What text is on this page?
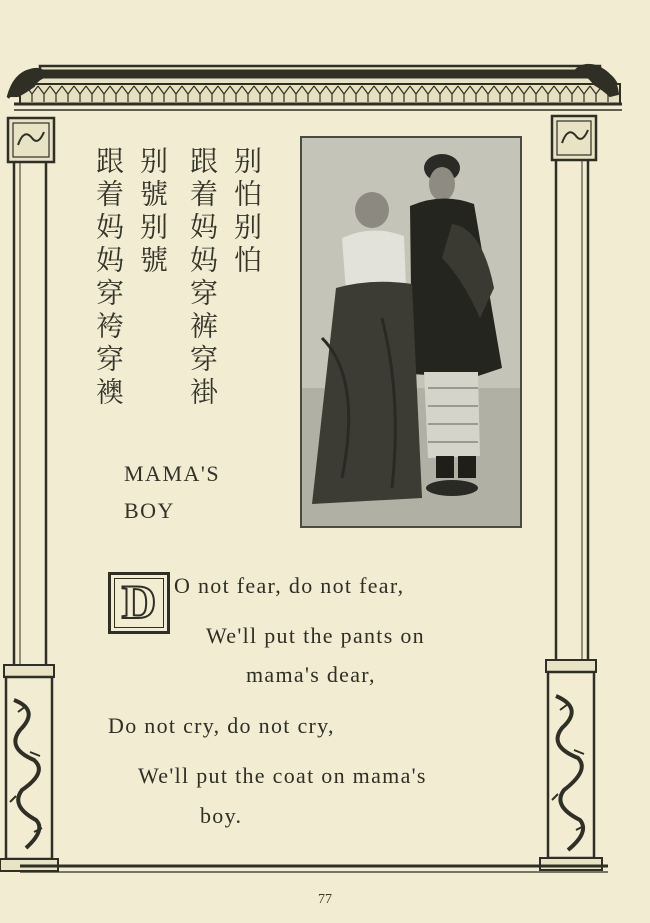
别怕别怕
跟着妈妈穿裤穿褂
别號别號
跟着妈妈穿袴穿襖
MAMA'S
BOY
D O not fear, do not fear,
We'll put the pants on
mama's dear,
Do not cry, do not cry,
We'll put the coat on mama's
boy.
77
